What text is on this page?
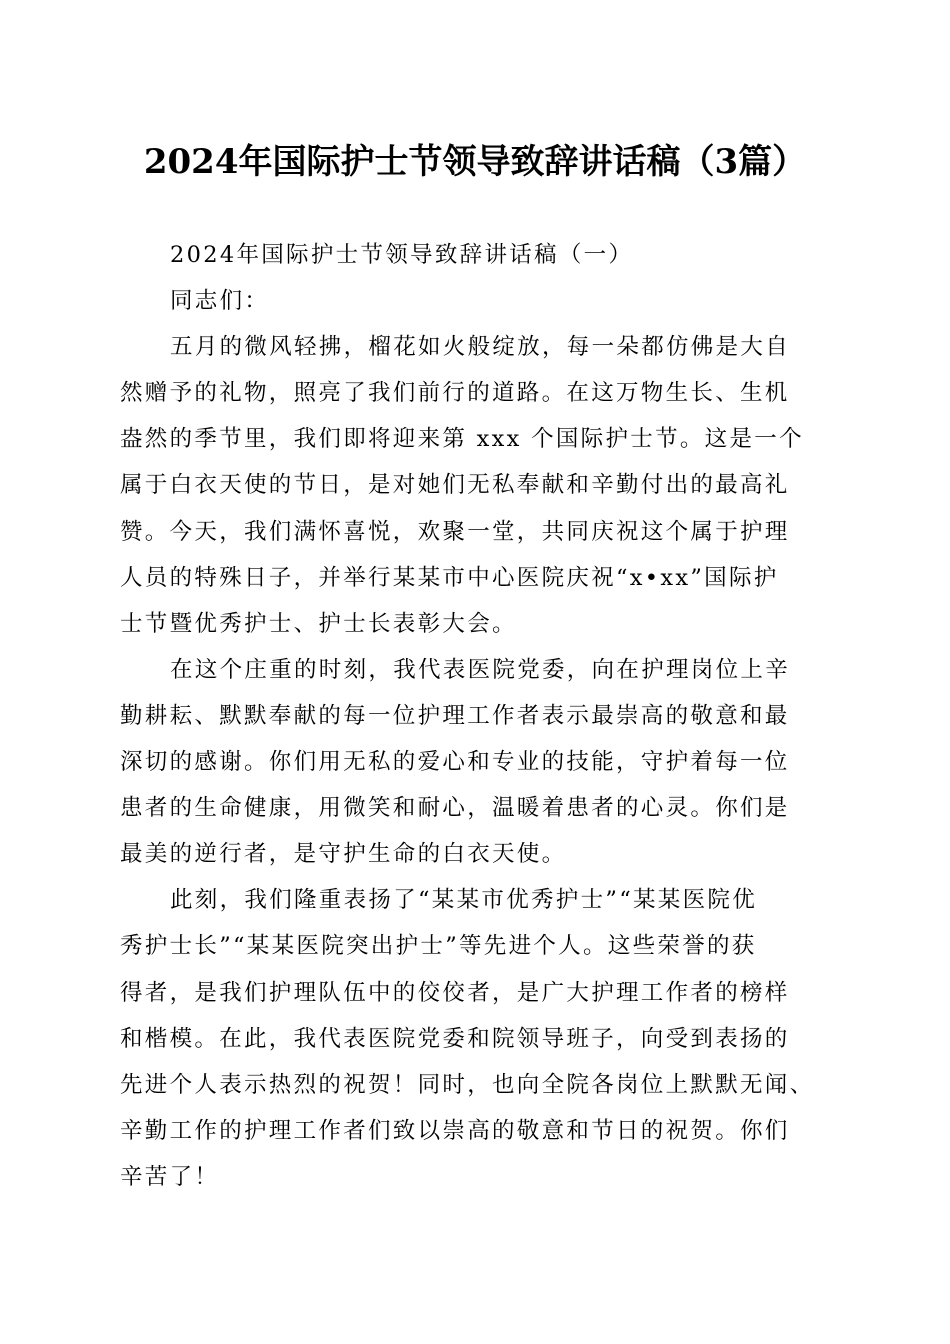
2024年国际护士节领导致辞讲话稿（3篇）
2024年国际护士节领导致辞讲话稿（一）
同志们：
五月的微风轻拂，榴花如火般绽放，每一朵都仿佛是大自
然赠予的礼物，照亮了我们前行的道路。在这万物生长、生机
盎然的季节里，我们即将迎来第 xxx 个国际护士节。这是一个
属于白衣天使的节日，是对她们无私奉献和辛勤付出的最高礼
赞。今天，我们满怀喜悦，欢聚一堂，共同庆祝这个属于护理
人员的特殊日子，并举行某某市中心医院庆祝“x•xx”国际护
士节暨优秀护士、护士长表彰大会。
在这个庄重的时刻，我代表医院党委，向在护理岗位上辛
勤耕耘、默默奉献的每一位护理工作者表示最崇高的敬意和最
深切的感谢。你们用无私的爱心和专业的技能，守护着每一位
患者的生命健康，用微笑和耐心，温暖着患者的心灵。你们是
最美的逆行者，是守护生命的白衣天使。
此刻，我们隆重表扬了“某某市优秀护士”“某某医院优
秀护士长”“某某医院突出护士”等先进个人。这些荣誉的获
得者，是我们护理队伍中的佼佼者，是广大护理工作者的榜样
和楷模。在此，我代表医院党委和院领导班子，向受到表扬的
先进个人表示热烈的祝贺！同时，也向全院各岗位上默默无闻、
辛勤工作的护理工作者们致以崇高的敬意和节日的祝贺。你们
辛苦了！
